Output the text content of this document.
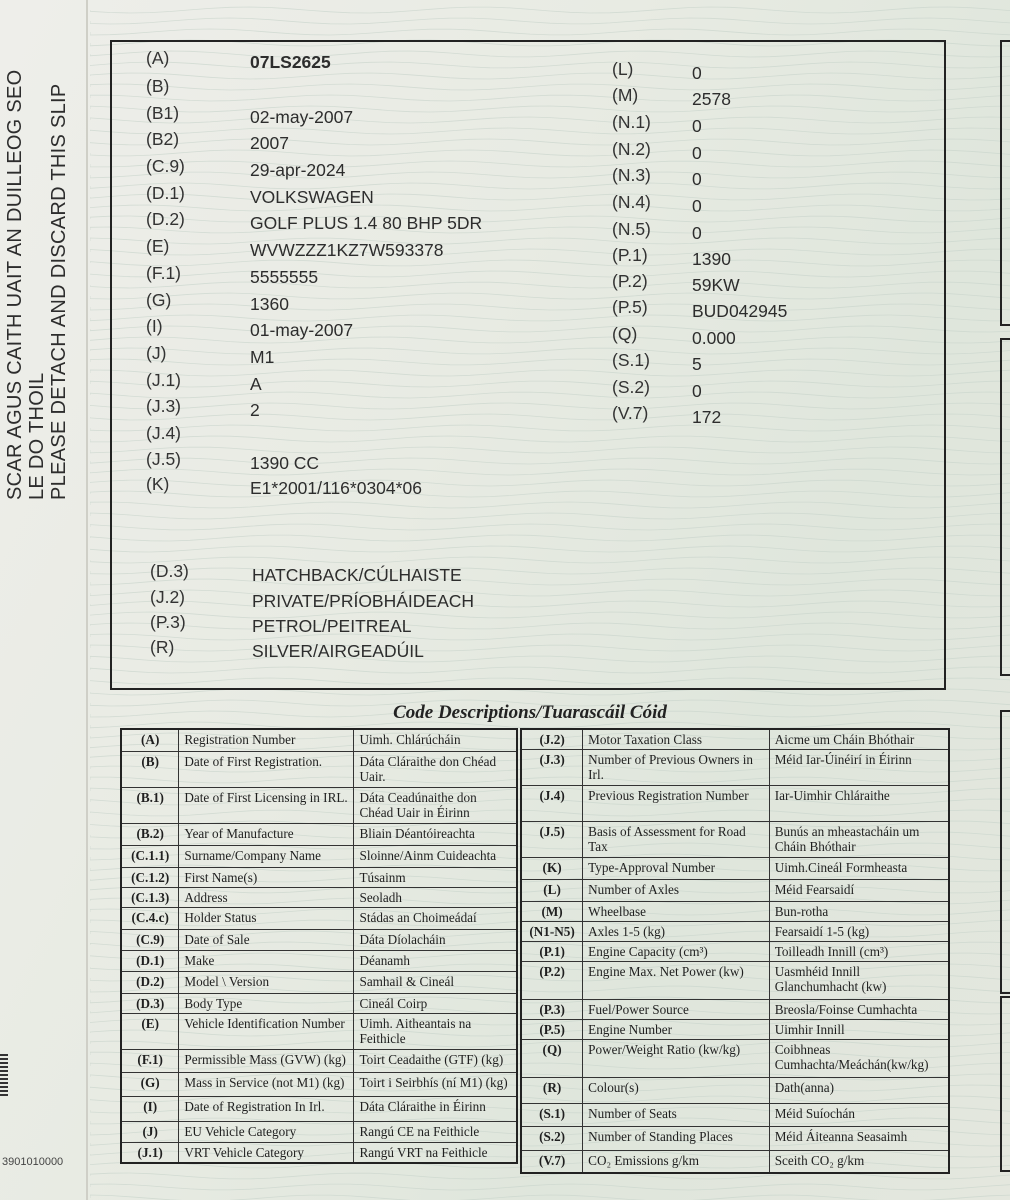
SCAR AGUS CAITH UAIT AN DUILLEOG SEO LE DO THOIL PLEASE DETACH AND DISCARD THIS SLIP
3901010000
(A)	07LS2625
(B)
(B1)	02-may-2007
(B2)	2007
(C.9)	29-apr-2024
(D.1)	VOLKSWAGEN
(D.2)	GOLF PLUS 1.4 80 BHP 5DR
(E)	WVWZZZ1KZ7W593378
(F.1)	5555555
(G)	1360
(I)	01-may-2007
(J)	M1
(J.1)	A
(J.3)	2
(J.4)
(J.5)	1390 CC
(K)	E1*2001/116*0304*06
(D.3)	HATCHBACK/CÚLHAISTE
(J.2)	PRIVATE/PRÍOBHÁIDEACH
(P.3)	PETROL/PEITREAL
(R)	SILVER/AIRGEADÚIL
(L)	0
(M)	2578
(N.1) 0
(N.2) 0
(N.3) 0
(N.4) 0
(N.5) 0
(P.1)	1390
(P.2)	59KW
(P.5)	BUD042945
(Q)	0.000
(S.1) 5
(S.2) 0
(V.7) 172
Code Descriptions/Tuarascáil Cóid
(A)	Registration Number	Uimh. Chlárúcháin
(B)	Date of First Registration.	Dáta Cláraithe don Chéad Uair.
(B.1)	Date of First Licensing in IRL.	Dáta Ceadúnaithe don Chéad Uair in Éirinn
(B.2)	Year of Manufacture	Bliain Déantóireachta
(C.1.1)	Surname/Company Name	Sloinne/Ainm Cuideachta
(C.1.2)	First Name(s)	Túsainm
(C.1.3)	Address	Seoladh
(C.4.c)	Holder Status	Stádas an Choimeádaí
(C.9)	Date of Sale	Dáta Díolacháin
(D.1)	Make	Déanamh
(D.2)	Model \ Version	Samhail & Cineál
(D.3)	Body Type	Cineál Coirp
(E)	Vehicle Identification Number	Uimh. Aitheantais na Feithicle
(F.1)	Permissible Mass (GVW) (kg)	Toirt Ceadaithe (GTF) (kg)
(G)	Mass in Service (not M1) (kg)	Toirt i Seirbhís (ní M1) (kg)
(I)	Date of Registration In Irl.	Dáta Cláraithe in Éirinn
(J)	EU Vehicle Category	Rangú CE na Feithicle
(J.1)	VRT Vehicle Category	Rangú VRT na Feithicle
(J.2)	Motor Taxation Class	Aicme um Cháin Bhóthair
(J.3)	Number of Previous Owners in Irl.	Méid Iar-Úinéirí in Éirinn
(J.4)	Previous Registration Number	Iar-Uimhir Chláraithe
(J.5)	Basis of Assessment for Road Tax	Bunús an mheastacháin um Cháin Bhóthair
(K)	Type-Approval Number	Uimh.Cineál Formheasta
(L)	Number of Axles	Méid Fearsaidí
(M)	Wheelbase	Bun-rotha
(N1-N5)	Axles 1-5 (kg)	Fearsaidí 1-5 (kg)
(P.1)	Engine Capacity (cm³)	Toilleadh Innill (cm³)
(P.2)	Engine Max. Net Power (kw)	Uasmhéid Innill Glanchumhacht (kw)
(P.3)	Fuel/Power Source	Breosla/Foinse Cumhachta
(P.5)	Engine Number	Uimhir Innill
(Q)	Power/Weight Ratio (kw/kg)	Coibhneas Cumhachta/Meáchán(kw/kg)
(R)	Colour(s)	Dath(anna)
(S.1)	Number of Seats	Méid Suíochán
(S.2)	Number of Standing Places	Méid Áiteanna Seasaimh
(V.7)	CO₂ Emissions g/km	Sceith CO₂ g/km
